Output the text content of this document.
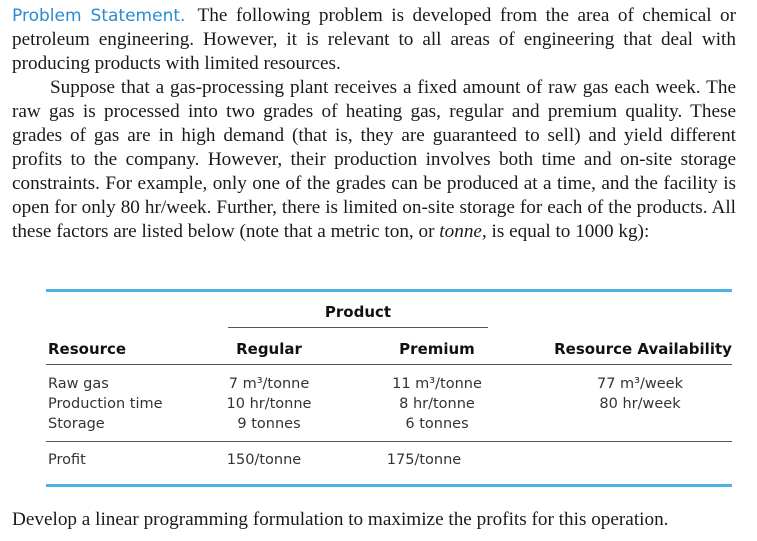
Problem Statement. The following problem is developed from the area of chemical or petroleum engineering. However, it is relevant to all areas of engineering that deal with producing products with limited resources.

Suppose that a gas-processing plant receives a fixed amount of raw gas each week. The raw gas is processed into two grades of heating gas, regular and premium quality. These grades of gas are in high demand (that is, they are guaranteed to sell) and yield different profits to the company. However, their production involves both time and on-site storage constraints. For example, only one of the grades can be produced at a time, and the facility is open for only 80 hr/week. Further, there is limited on-site storage for each of the products. All these factors are listed below (note that a metric ton, or tonne, is equal to 1000 kg):

Product
Resource	Regular	Premium	Resource Availability
Raw gas	7 m³/tonne	11 m³/tonne	77 m³/week
Production time	10 hr/tonne	8 hr/tonne	80 hr/week
Storage	9 tonnes	6 tonnes
Profit	150/tonne	175/tonne

Develop a linear programming formulation to maximize the profits for this operation.
